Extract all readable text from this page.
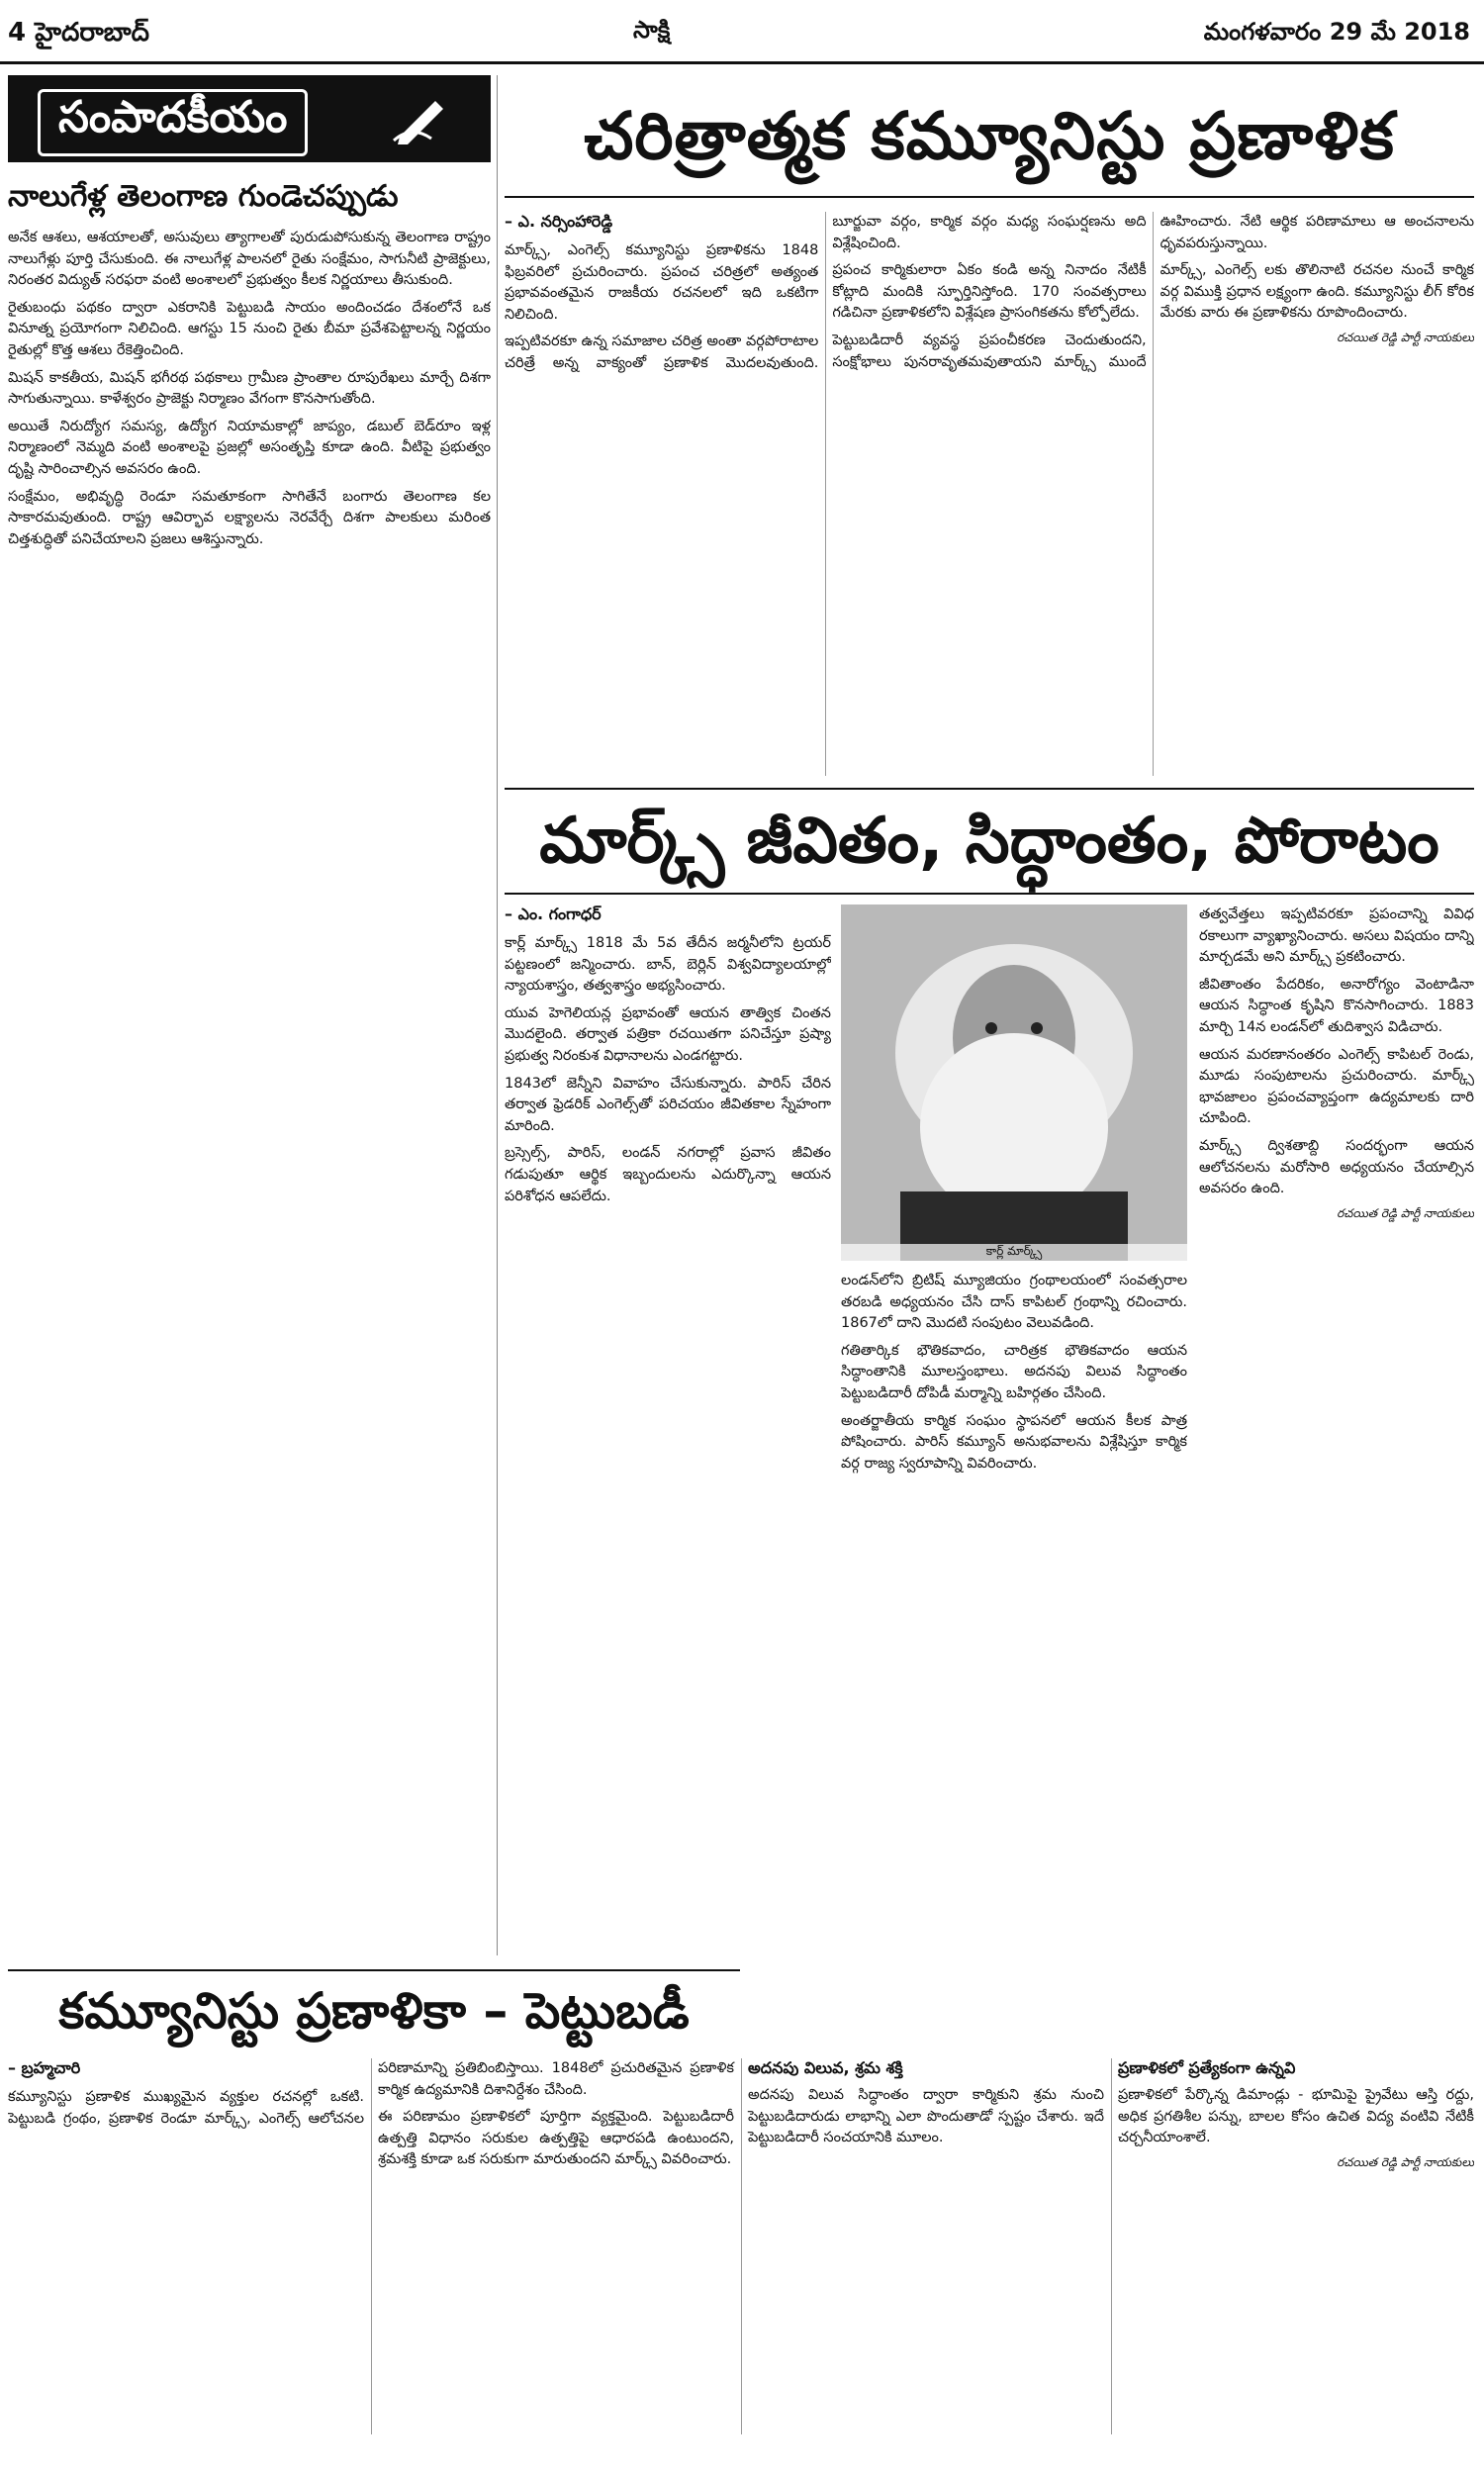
4 హైదరాబాద్	సాక్షి	మంగళవారం 29 మే 2018
సంపాదకీయం
నాలుగేళ్ల తెలంగాణ గుండెచప్పుడు

అనేక ఆశలు, ఆశయాలతో, అసువులు త్యాగాలతో పురుడుపోసుకున్న తెలంగాణ రాష్ట్రం నాలుగేళ్లు పూర్తి చేసుకుంది. ఈ నాలుగేళ్ల పాలనలో రైతు సంక్షేమం, సాగునీటి ప్రాజెక్టులు, నిరంతర విద్యుత్ సరఫరా వంటి అంశాలలో ప్రభుత్వం కీలక నిర్ణయాలు తీసుకుంది.

రైతుబంధు పథకం ద్వారా ఎకరానికి పెట్టుబడి సాయం అందించడం దేశంలోనే ఒక వినూత్న ప్రయోగంగా నిలిచింది. ఆగస్టు 15 నుంచి రైతు బీమా ప్రవేశపెట్టాలన్న నిర్ణయం రైతుల్లో కొత్త ఆశలు రేకెత్తించింది.

మిషన్ కాకతీయ, మిషన్ భగీరథ పథకాలు గ్రామీణ ప్రాంతాల రూపురేఖలు మార్చే దిశగా సాగుతున్నాయి. కాళేశ్వరం ప్రాజెక్టు నిర్మాణం వేగంగా కొనసాగుతోంది.

అయితే నిరుద్యోగ సమస్య, ఉద్యోగ నియామకాల్లో జాప్యం, డబుల్ బెడ్‌రూం ఇళ్ల నిర్మాణంలో నెమ్మది వంటి అంశాలపై ప్రజల్లో అసంతృప్తి కూడా ఉంది. వీటిపై ప్రభుత్వం దృష్టి సారించాల్సిన అవసరం ఉంది.

సంక్షేమం, అభివృద్ధి రెండూ సమతూకంగా సాగితేనే బంగారు తెలంగాణ కల సాకారమవుతుంది. రాష్ట్ర ఆవిర్భావ లక్ష్యాలను నెరవేర్చే దిశగా పాలకులు మరింత చిత్తశుద్ధితో పనిచేయాలని ప్రజలు ఆశిస్తున్నారు.

చరిత్రాత్మక కమ్యూనిస్టు ప్రణాళిక

– ఎ. నర్సింహారెడ్డి

మార్క్స్, ఎంగెల్స్ కమ్యూనిస్టు ప్రణాళికను 1848 ఫిబ్రవరిలో ప్రచురించారు. ప్రపంచ చరిత్రలో అత్యంత ప్రభావవంతమైన రాజకీయ రచనలలో ఇది ఒకటిగా నిలిచింది.

ఇప్పటివరకూ ఉన్న సమాజాల చరిత్ర అంతా వర్గపోరాటాల చరిత్రే అన్న వాక్యంతో ప్రణాళిక మొదలవుతుంది. బూర్జువా వర్గం, కార్మిక వర్గం మధ్య సంఘర్షణను అది విశ్లేషించింది.

ప్రపంచ కార్మికులారా ఏకం కండి అన్న నినాదం నేటికీ కోట్లాది మందికి స్ఫూర్తినిస్తోంది. 170 సంవత్సరాలు గడిచినా ప్రణాళికలోని విశ్లేషణ ప్రాసంగికతను కోల్పోలేదు.

పెట్టుబడిదారీ వ్యవస్థ ప్రపంచీకరణ చెందుతుందని, సంక్షోభాలు పునరావృతమవుతాయని మార్క్స్ ముందే ఊహించారు. నేటి ఆర్థిక పరిణామాలు ఆ అంచనాలను ధృవపరుస్తున్నాయి.

మార్క్స్, ఎంగెల్స్ లకు తొలినాటి రచనల నుంచే కార్మిక వర్గ విముక్తి ప్రధాన లక్ష్యంగా ఉంది. కమ్యూనిస్టు లీగ్ కోరిక మేరకు వారు ఈ ప్రణాళికను రూపొందించారు.

రచయిత రెడ్డి పార్టీ నాయకులు

మార్క్స్ జీవితం, సిద్ధాంతం, పోరాటం

– ఎం. గంగాధర్

కార్ల్ మార్క్స్ 1818 మే 5వ తేదీన జర్మనీలోని ట్రయర్ పట్టణంలో జన్మించారు. బాన్, బెర్లిన్ విశ్వవిద్యాలయాల్లో న్యాయశాస్త్రం, తత్వశాస్త్రం అభ్యసించారు.

యువ హెగెలియన్ల ప్రభావంతో ఆయన తాత్విక చింతన మొదలైంది. తర్వాత పత్రికా రచయితగా పనిచేస్తూ ప్రష్యా ప్రభుత్వ నిరంకుశ విధానాలను ఎండగట్టారు.

1843లో జెన్నీని వివాహం చేసుకున్నారు. పారిస్ చేరిన తర్వాత ఫ్రెడరిక్ ఎంగెల్స్‌తో పరిచయం జీవితకాల స్నేహంగా మారింది.

బ్రస్సెల్స్, పారిస్, లండన్ నగరాల్లో ప్రవాస జీవితం గడుపుతూ ఆర్థిక ఇబ్బందులను ఎదుర్కొన్నా ఆయన పరిశోధన ఆపలేదు.

కార్ల్ మార్క్స్

లండన్‌లోని బ్రిటిష్ మ్యూజియం గ్రంథాలయంలో సంవత్సరాల తరబడి అధ్యయనం చేసి దాస్ కాపిటల్ గ్రంథాన్ని రచించారు. 1867లో దాని మొదటి సంపుటం వెలువడింది.

గతితార్కిక భౌతికవాదం, చారిత్రక భౌతికవాదం ఆయన సిద్ధాంతానికి మూలస్తంభాలు. అదనపు విలువ సిద్ధాంతం పెట్టుబడిదారీ దోపిడీ మర్మాన్ని బహిర్గతం చేసింది.

అంతర్జాతీయ కార్మిక సంఘం స్థాపనలో ఆయన కీలక పాత్ర పోషించారు. పారిస్ కమ్యూన్ అనుభవాలను విశ్లేషిస్తూ కార్మిక వర్గ రాజ్య స్వరూపాన్ని వివరించారు.

తత్వవేత్తలు ఇప్పటివరకూ ప్రపంచాన్ని వివిధ రకాలుగా వ్యాఖ్యానించారు. అసలు విషయం దాన్ని మార్చడమే అని మార్క్స్ ప్రకటించారు.

జీవితాంతం పేదరికం, అనారోగ్యం వెంటాడినా ఆయన సిద్ధాంత కృషిని కొనసాగించారు. 1883 మార్చి 14న లండన్‌లో తుదిశ్వాస విడిచారు.

ఆయన మరణానంతరం ఎంగెల్స్ కాపిటల్ రెండు, మూడు సంపుటాలను ప్రచురించారు. మార్క్స్ భావజాలం ప్రపంచవ్యాప్తంగా ఉద్యమాలకు దారి చూపింది.

మార్క్స్ ద్విశతాబ్ది సందర్భంగా ఆయన ఆలోచనలను మరోసారి అధ్యయనం చేయాల్సిన అవసరం ఉంది.

రచయిత రెడ్డి పార్టీ నాయకులు

కమ్యూనిస్టు ప్రణాళికా – పెట్టుబడీ

– బ్రహ్మచారి

కమ్యూనిస్టు ప్రణాళిక ముఖ్యమైన వ్యక్తుల రచనల్లో ఒకటి. పెట్టుబడి గ్రంథం, ప్రణాళిక రెండూ మార్క్స్, ఎంగెల్స్ ఆలోచనల పరిణామాన్ని ప్రతిబింబిస్తాయి. 1848లో ప్రచురితమైన ప్రణాళిక కార్మిక ఉద్యమానికి దిశానిర్దేశం చేసింది.

ఈ పరిణామం ప్రణాళికలో పూర్తిగా వ్యక్తమైంది. పెట్టుబడిదారీ ఉత్పత్తి విధానం సరుకుల ఉత్పత్తిపై ఆధారపడి ఉంటుందని, శ్రమశక్తి కూడా ఒక సరుకుగా మారుతుందని మార్క్స్ వివరించారు.

అదనపు విలువ, శ్రమ శక్తి

అదనపు విలువ సిద్ధాంతం ద్వారా కార్మికుని శ్రమ నుంచి పెట్టుబడిదారుడు లాభాన్ని ఎలా పొందుతాడో స్పష్టం చేశారు. ఇదే పెట్టుబడిదారీ సంచయానికి మూలం.

ప్రణాళికలో ప్రత్యేకంగా ఉన్నవి

ప్రణాళికలో పేర్కొన్న డిమాండ్లు - భూమిపై ప్రైవేటు ఆస్తి రద్దు, అధిక ప్రగతిశీల పన్ను, బాలల కోసం ఉచిత విద్య వంటివి నేటికీ చర్చనీయాంశాలే.

రచయిత రెడ్డి పార్టీ నాయకులు
